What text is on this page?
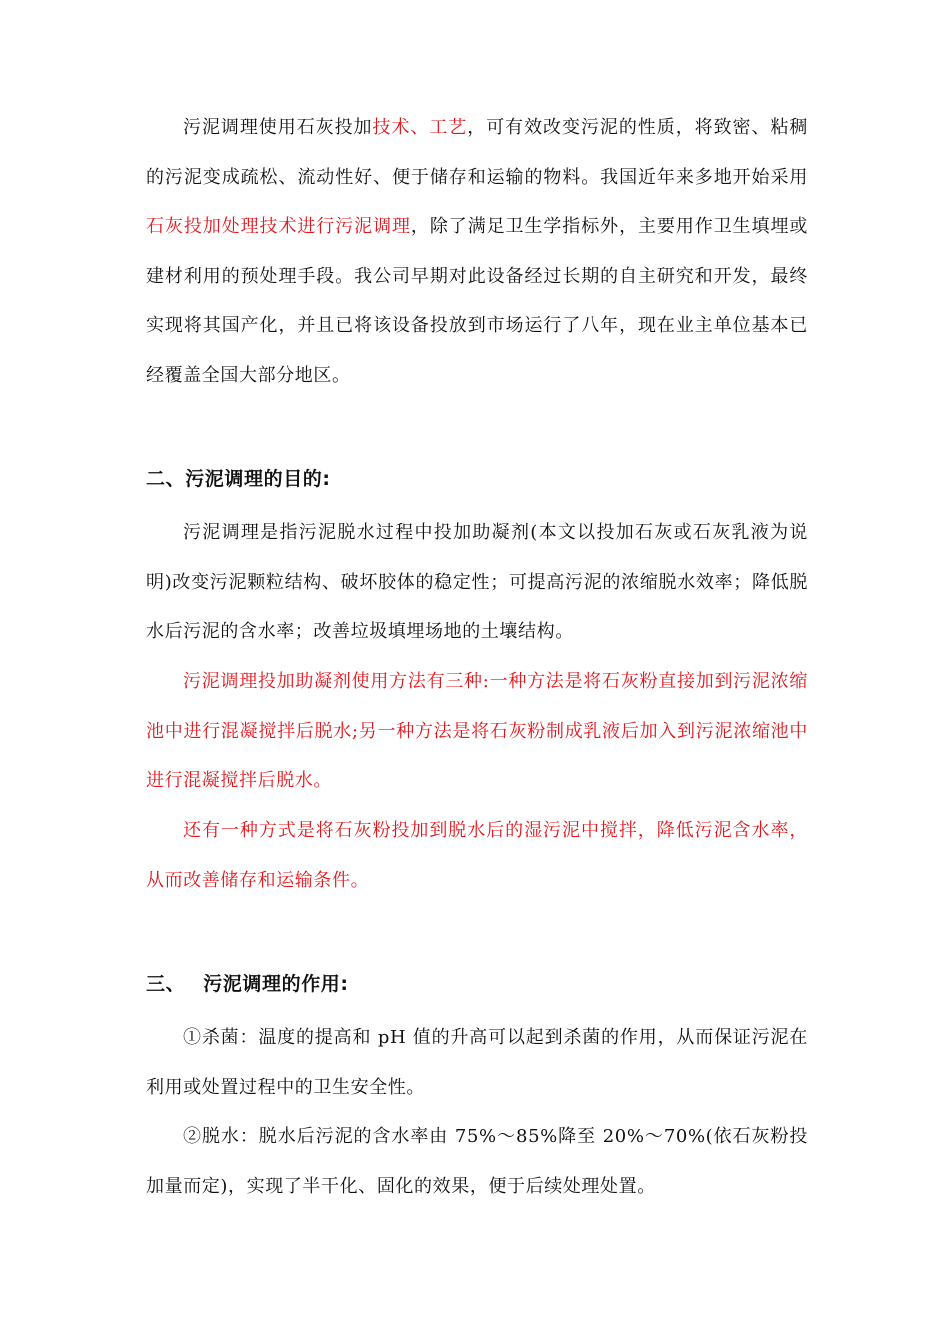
污泥调理使用石灰投加技术、工艺，可有效改变污泥的性质，将致密、粘稠的污泥变成疏松、流动性好、便于储存和运输的物料。我国近年来多地开始采用石灰投加处理技术进行污泥调理，除了满足卫生学指标外，主要用作卫生填埋或建材利用的预处理手段。我公司早期对此设备经过长期的自主研究和开发，最终实现将其国产化，并且已将该设备投放到市场运行了八年，现在业主单位基本已经覆盖全国大部分地区。

二、污泥调理的目的:

污泥调理是指污泥脱水过程中投加助凝剂(本文以投加石灰或石灰乳液为说明)改变污泥颗粒结构、破坏胶体的稳定性；可提高污泥的浓缩脱水效率；降低脱水后污泥的含水率；改善垃圾填埋场地的土壤结构。

污泥调理投加助凝剂使用方法有三种:一种方法是将石灰粉直接加到污泥浓缩池中进行混凝搅拌后脱水;另一种方法是将石灰粉制成乳液后加入到污泥浓缩池中进行混凝搅拌后脱水。

还有一种方式是将石灰粉投加到脱水后的湿污泥中搅拌，降低污泥含水率，从而改善储存和运输条件。

三、 污泥调理的作用:

①杀菌：温度的提高和 pH 值的升高可以起到杀菌的作用，从而保证污泥在利用或处置过程中的卫生安全性。

②脱水：脱水后污泥的含水率由 75%～85%降至 20%～70%(依石灰粉投加量而定)，实现了半干化、固化的效果，便于后续处理处置。
